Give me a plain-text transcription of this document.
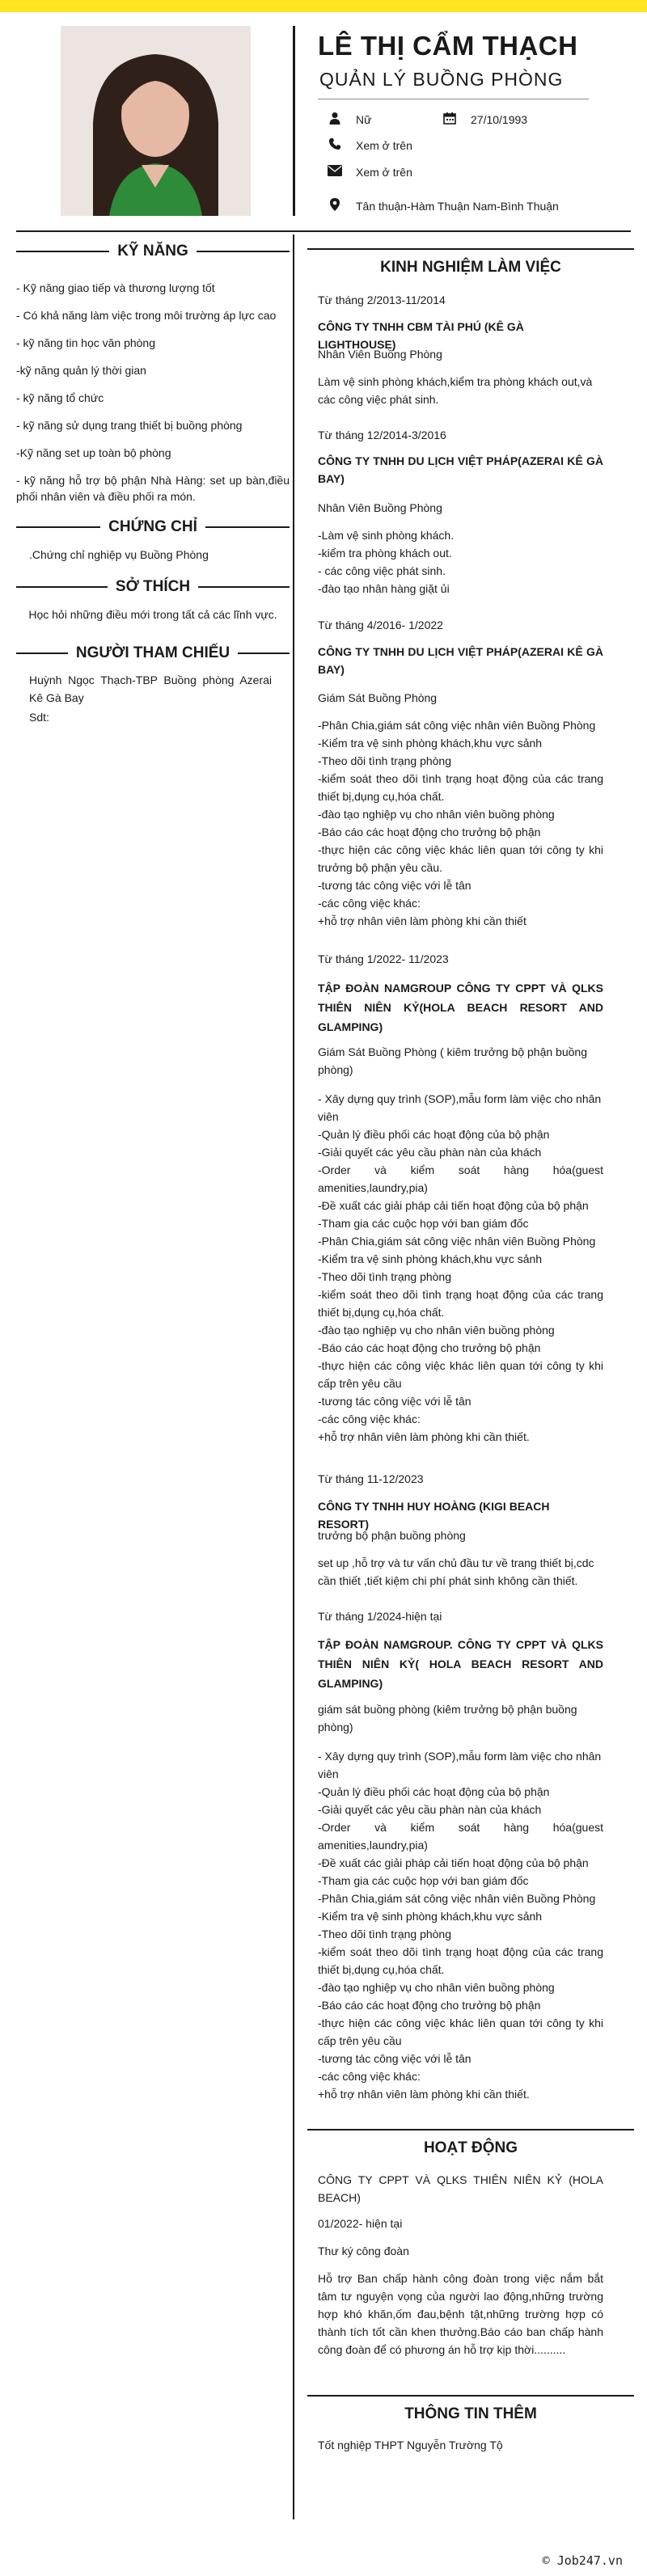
LÊ THỊ CẨM THẠCH
QUẢN LÝ BUỒNG PHÒNG
Nữ	27/10/1993
Xem ở trên
Xem ở trên
Tân thuận-Hàm Thuận Nam-Bình Thuận
KỸ NĂNG
- Kỹ năng giao tiếp và thương lượng tốt
- Có khả năng làm việc trong môi trường áp lực cao
- kỹ năng tin học văn phòng
-kỹ năng quản lý thời gian
- kỹ năng tổ chức
- kỹ năng sử dụng trang thiết bị buồng phòng
-Kỹ năng set up toàn bộ phòng
- kỹ năng hỗ trợ bộ phận Nhà Hàng: set up bàn,điều phối nhân viên và điều phối ra món.
CHỨNG CHỈ
.Chứng chỉ nghiệp vụ Buồng Phòng
SỞ THÍCH
Học hỏi những điều mới trong tất cả các lĩnh vực.
NGƯỜI THAM CHIẾU
Huỳnh Ngọc Thạch-TBP Buồng phòng Azerai Kê Gà Bay
Sdt:
KINH NGHIỆM LÀM VIỆC
Từ tháng 2/2013-11/2014
CÔNG TY TNHH CBM TÀI PHÚ (KÊ GÀ LIGHTHOUSE)
Nhân Viên Buồng Phòng
Làm vệ sinh phòng khách,kiểm tra phòng khách out,và các công việc phát sinh.
Từ tháng 12/2014-3/2016
CÔNG TY TNHH DU LỊCH VIỆT PHÁP(AZERAI KÊ GÀ BAY)
Nhân Viên Buồng Phòng
-Làm vệ sinh phòng khách.
-kiểm tra phòng khách out.
- các công việc phát sinh.
-đào tạo nhân hàng giặt ủi
Từ tháng 4/2016- 1/2022
CÔNG TY TNHH DU LỊCH VIỆT PHÁP(AZERAI KÊ GÀ BAY)
Giám Sát Buồng Phòng
-Phân Chia,giám sát công việc nhân viên Buồng Phòng
-Kiểm tra vệ sinh phòng khách,khu vực sảnh
-Theo dõi tình trạng phòng
-kiểm soát theo dõi tình trạng hoạt động của các trang thiết bị,dụng cụ,hóa chất.
-đào tạo nghiệp vụ cho nhân viên buồng phòng
-Báo cáo các hoạt động cho trưởng bộ phận
-thực hiện các công việc khác liên quan tới công ty khi trưởng bộ phận yêu cầu.
-tương tác công việc với lễ tân
-các công việc khác:
+hỗ trợ nhân viên làm phòng khi cần thiết
Từ tháng 1/2022- 11/2023
TẬP ĐOÀN NAMGROUP CÔNG TY CPPT VÀ QLKS THIÊN NIÊN KỶ(HOLA BEACH RESORT AND GLAMPING)
Giám Sát Buồng Phòng ( kiêm trưởng bộ phận buồng phòng)
- Xây dựng quy trình (SOP),mẫu form làm việc cho nhân viên
-Quản lý điều phối các hoạt động của bộ phận
-Giải quyết các yêu cầu phàn nàn của khách
-Order và kiểm soát hàng hóa(guest amenities,laundry,pia)
-Đề xuất các giải pháp cải tiến hoạt động của bộ phận
-Tham gia các cuộc họp với ban giám đốc
-Phân Chia,giám sát công việc nhân viên Buồng Phòng
-Kiểm tra vệ sinh phòng khách,khu vực sảnh
-Theo dõi tình trạng phòng
-kiểm soát theo dõi tình trạng hoạt động của các trang thiết bị,dụng cụ,hóa chất.
-đào tạo nghiệp vụ cho nhân viên buồng phòng
-Báo cáo các hoạt động cho trưởng bộ phận
-thực hiện các công việc khác liên quan tới công ty khi cấp trên yêu cầu
-tương tác công việc với lễ tân
-các công việc khác:
+hỗ trợ nhân viên làm phòng khi cần thiết.
Từ tháng 11-12/2023
CÔNG TY TNHH HUY HOÀNG (KIGI BEACH RESORT)
trưởng bộ phận buồng phòng
set up ,hỗ trợ và tư vấn chủ đầu tư về trang thiết bị,cdc cần thiết ,tiết kiệm chi phí phát sinh không cần thiết.
Từ tháng 1/2024-hiện tại
TẬP ĐOÀN NAMGROUP. CÔNG TY CPPT VÀ QLKS THIÊN NIÊN KỶ( HOLA BEACH RESORT AND GLAMPING)
giám sát buồng phòng (kiêm trưởng bộ phận buồng phòng)
- Xây dựng quy trình (SOP),mẫu form làm việc cho nhân viên
-Quản lý điều phối các hoạt động của bộ phận
-Giải quyết các yêu cầu phàn nàn của khách
-Order và kiểm soát hàng hóa(guest amenities,laundry,pia)
-Đề xuất các giải pháp cải tiến hoạt động của bộ phận
-Tham gia các cuộc họp với ban giám đốc
-Phân Chia,giám sát công việc nhân viên Buồng Phòng
-Kiểm tra vệ sinh phòng khách,khu vực sảnh
-Theo dõi tình trạng phòng
-kiểm soát theo dõi tình trạng hoạt động của các trang thiết bị,dụng cụ,hóa chất.
-đào tạo nghiệp vụ cho nhân viên buồng phòng
-Báo cáo các hoạt động cho trưởng bộ phận
-thực hiện các công việc khác liên quan tới công ty khi cấp trên yêu cầu
-tương tác công việc với lễ tân
-các công việc khác:
+hỗ trợ nhân viên làm phòng khi cần thiết.
HOẠT ĐỘNG
CÔNG TY CPPT VÀ QLKS THIÊN NIÊN KỶ (HOLA BEACH)
01/2022- hiện tại
Thư ký công đoàn
Hỗ trợ Ban chấp hành công đoàn trong việc nắm bắt tâm tư nguyện vọng của người lao động,những trường hợp khó khăn,ốm đau,bệnh tật,những trường hợp có thành tích tốt cần khen thưởng.Báo cáo ban chấp hành công đoàn để có phương án hỗ trợ kịp thời..........
THÔNG TIN THÊM
Tốt nghiệp THPT Nguyễn Trường Tộ
© Job247.vn
